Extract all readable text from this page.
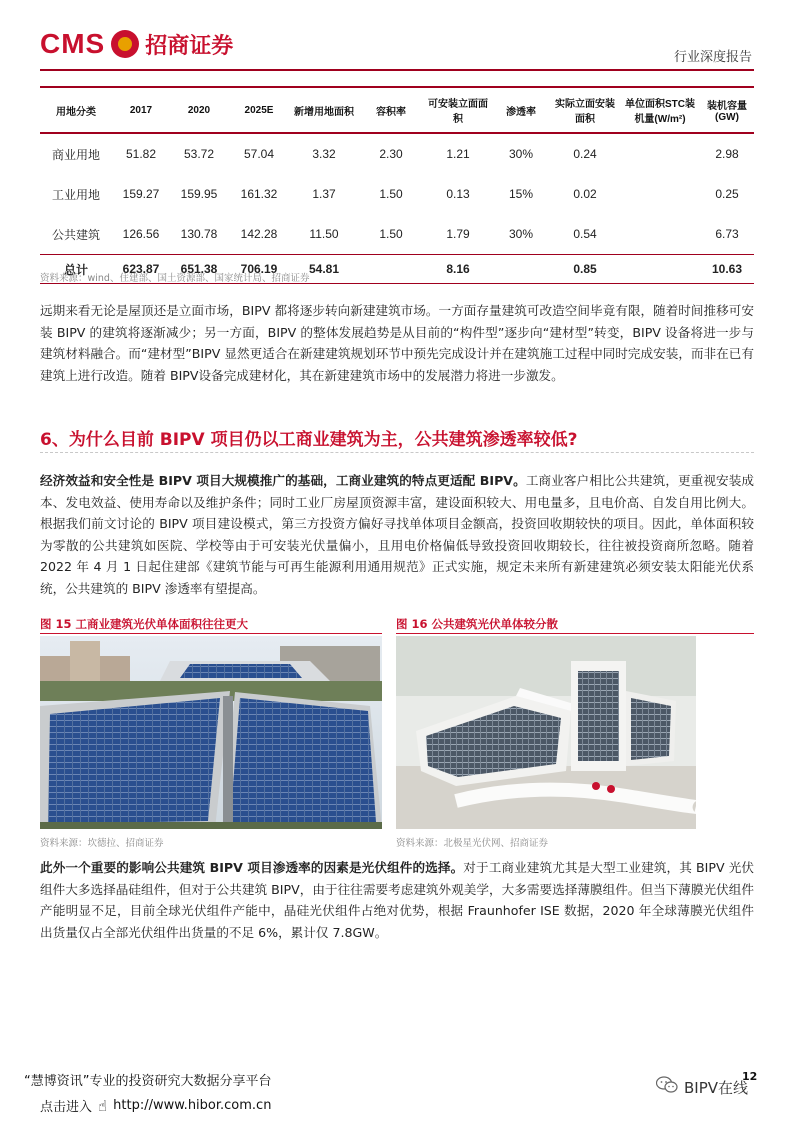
CMS 招商证券	行业深度报告
用地分类	2017	2020	2025E	新增用地面积	容积率	可安装立面面积	渗透率	实际立面安装面积	单位面积STC装机量(W/m²)	装机容量(GW)
商业用地	51.82	53.72	57.04	3.32	2.30	1.21	30%	0.24		2.98
工业用地	159.27	159.95	161.32	1.37	1.50	0.13	15%	0.02		0.25
公共建筑	126.56	130.78	142.28	11.50	1.50	1.79	30%	0.54		6.73
总计	623.87	651.38	706.19	54.81		8.16		0.85		10.63
资料来源：wind、住建部、国土资源部、国家统计局、招商证券
远期来看无论是屋顶还是立面市场，BIPV 都将逐步转向新建建筑市场。一方面存量建筑可改造空间毕竟有限，随着时间推移可安装 BIPV 的建筑将逐渐减少；另一方面，BIPV 的整体发展趋势是从目前的“构件型”逐步向“建材型”转变，BIPV 设备将进一步与建筑材料融合。而“建材型”BIPV 显然更适合在新建建筑规划环节中预先完成设计并在建筑施工过程中同时完成安装，而非在已有建筑上进行改造。随着 BIPV设备完成建材化，其在新建建筑市场中的发展潜力将进一步激发。
6、为什么目前 BIPV 项目仍以工商业建筑为主，公共建筑渗透率较低?
经济效益和安全性是 BIPV 项目大规模推广的基础，工商业建筑的特点更适配 BIPV。工商业客户相比公共建筑，更重视安装成本、发电效益、使用寿命以及维护条件；同时工业厂房屋顶资源丰富，建设面积较大、用电量多，且电价高、自发自用比例大。根据我们前文讨论的 BIPV 项目建设模式，第三方投资方偏好寻找单体项目金额高，投资回收期较快的项目。因此，单体面积较为零散的公共建筑如医院、学校等由于可安装光伏量偏小，且用电价格偏低导致投资回收期较长，往往被投资商所忽略。随着 2022 年 4 月 1 日起住建部《建筑节能与可再生能源利用通用规范》正式实施，规定未来所有新建建筑必须安装太阳能光伏系统，公共建筑的 BIPV 渗透率有望提高。
图 15 工商业建筑光伏单体面积往往更大
资料来源：坎德拉、招商证券
图 16 公共建筑光伏单体较分散
资料来源：北极星光伏网、招商证券
此外一个重要的影响公共建筑 BIPV 项目渗透率的因素是光伏组件的选择。对于工商业建筑尤其是大型工业建筑，其 BIPV 光伏组件大多选择晶硅组件，但对于公共建筑 BIPV，由于往往需要考虑建筑外观美学，大多需要选择薄膜组件。但当下薄膜光伏组件产能明显不足，目前全球光伏组件产能中，晶硅光伏组件占绝对优势，根据 Fraunhofer ISE 数据，2020 年全球薄膜光伏组件出货量仅占全部光伏组件出货量的不足 6%，累计仅 7.8GW。
“慧博资讯”专业的投资研究大数据分享平台	12
点击进入 ☝ http://www.hibor.com.cn
BIPV在线
